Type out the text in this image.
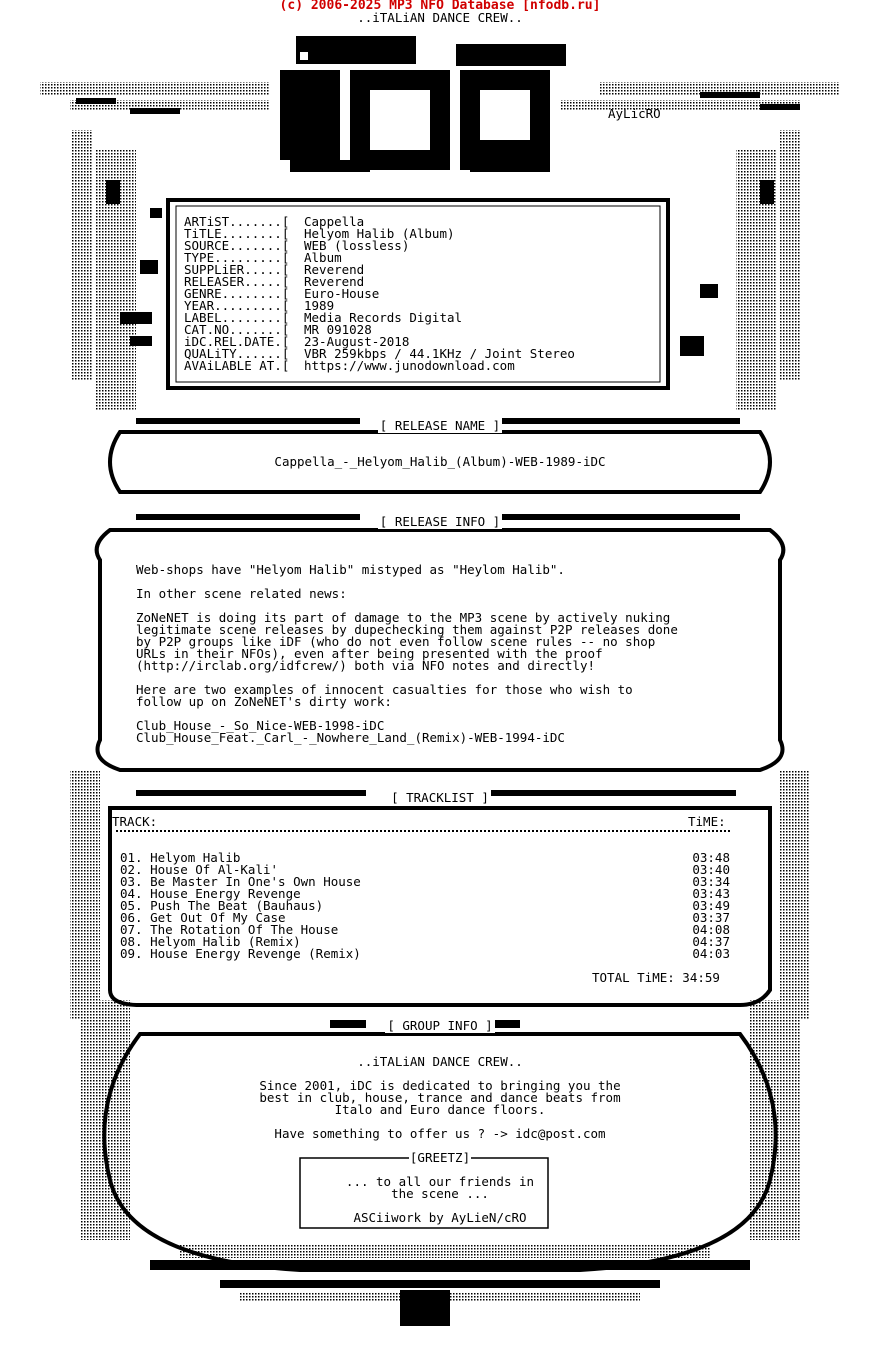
(c) 2006-2025 MP3 NFO Database [nfodb.ru]
..iTALiAN DANCE CREW..
AyLicRO
ARTiST.......[	Cappella
TiTLE........[	Helyom Halib (Album)
SOURCE.......[	WEB (lossless)
TYPE.........[	Album
SUPPLiER.....[	Reverend
RELEASER.....[	Reverend
GENRE........[	Euro-House
YEAR.........[	1989
LABEL........[	Media Records Digital
CAT.NO.......[	MR 091028
iDC.REL.DATE.[	23-August-2018
QUALiTY......[	VBR 259kbps / 44.1KHz / Joint Stereo
AVAiLABLE AT.[	https://www.junodownload.com
[ RELEASE NAME ]
Cappella_-_Helyom_Halib_(Album)-WEB-1989-iDC
[ RELEASE INFO ]
Web-shops have "Helyom Halib" mistyped as "Heylom Halib".
In other scene related news:
ZoNeNET is doing its part of damage to the MP3 scene by actively nuking
legitimate scene releases by dupechecking them against P2P releases done
by P2P groups like iDF (who do not even follow scene rules -- no shop
URLs in their NFOs), even after being presented with the proof
(http://irclab.org/idfcrew/) both via NFO notes and directly!
Here are two examples of innocent casualties for those who wish to
follow up on ZoNeNET's dirty work:
Club_House_-_So_Nice-WEB-1998-iDC
Club_House_Feat._Carl_-_Nowhere_Land_(Remix)-WEB-1994-iDC
[ TRACKLIST ]
TRACK:	TiME:
01. Helyom Halib	03:48
02. House Of Al-Kali'	03:40
03. Be Master In One's Own House	03:34
04. House Energy Revenge	03:43
05. Push The Beat (Bauhaus)	03:49
06. Get Out Of My Case	03:37
07. The Rotation Of The House	04:08
08. Helyom Halib (Remix)	04:37
09. House Energy Revenge (Remix)	04:03
TOTAL TiME: 34:59
[ GROUP INFO ]
..iTALiAN DANCE CREW..
Since 2001, iDC is dedicated to bringing you the
best in club, house, trance and dance beats from
Italo and Euro dance floors.
Have something to offer us ? -> idc@post.com
[GREETZ]
... to all our friends in
the scene ...
ASCiiwork by AyLieN/cRO
